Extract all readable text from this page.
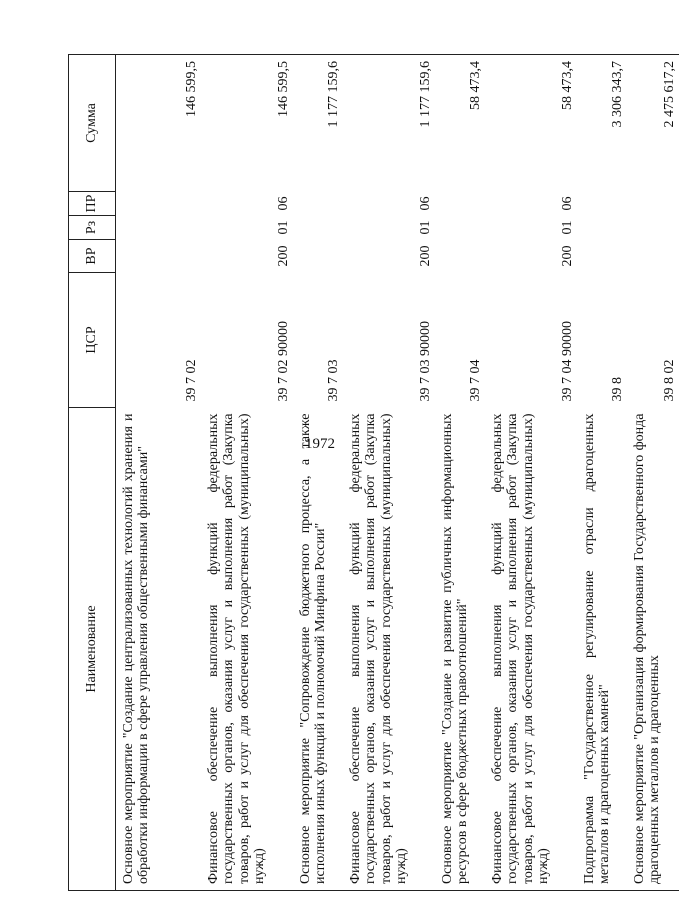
1972
Наименование	ЦСР	ВР	Рз	ПР	Сумма
Основное мероприятие "Создание централизованных технологий хранения и обработки информации в сфере управления общественными финансами"	39 7 02				146 599,5
Финансовое обеспечение выполнения функций федеральных государственных органов, оказания услуг и выполнения работ (Закупка товаров, работ и услуг для обеспечения государственных (муниципальных) нужд)	39 7 02 90000	200	01	06	146 599,5
Основное мероприятие "Сопровождение бюджетного процесса, а также исполнения иных функций и полномочий Минфина России"	39 7 03				1 177 159,6
Финансовое обеспечение выполнения функций федеральных государственных органов, оказания услуг и выполнения работ (Закупка товаров, работ и услуг для обеспечения государственных (муниципальных) нужд)	39 7 03 90000	200	01	06	1 177 159,6
Основное мероприятие "Создание и развитие публичных информационных ресурсов в сфере бюджетных правоотношений"	39 7 04				58 473,4
Финансовое обеспечение выполнения функций федеральных государственных органов, оказания услуг и выполнения работ (Закупка товаров, работ и услуг для обеспечения государственных (муниципальных) нужд)	39 7 04 90000	200	01	06	58 473,4
Подпрограмма "Государственное регулирование отрасли драгоценных металлов и драгоценных камней"	39 8				3 306 343,7
Основное мероприятие "Организация формирования Государственного фонда драгоценных металлов и драгоценных	39 8 02				2 475 617,2
